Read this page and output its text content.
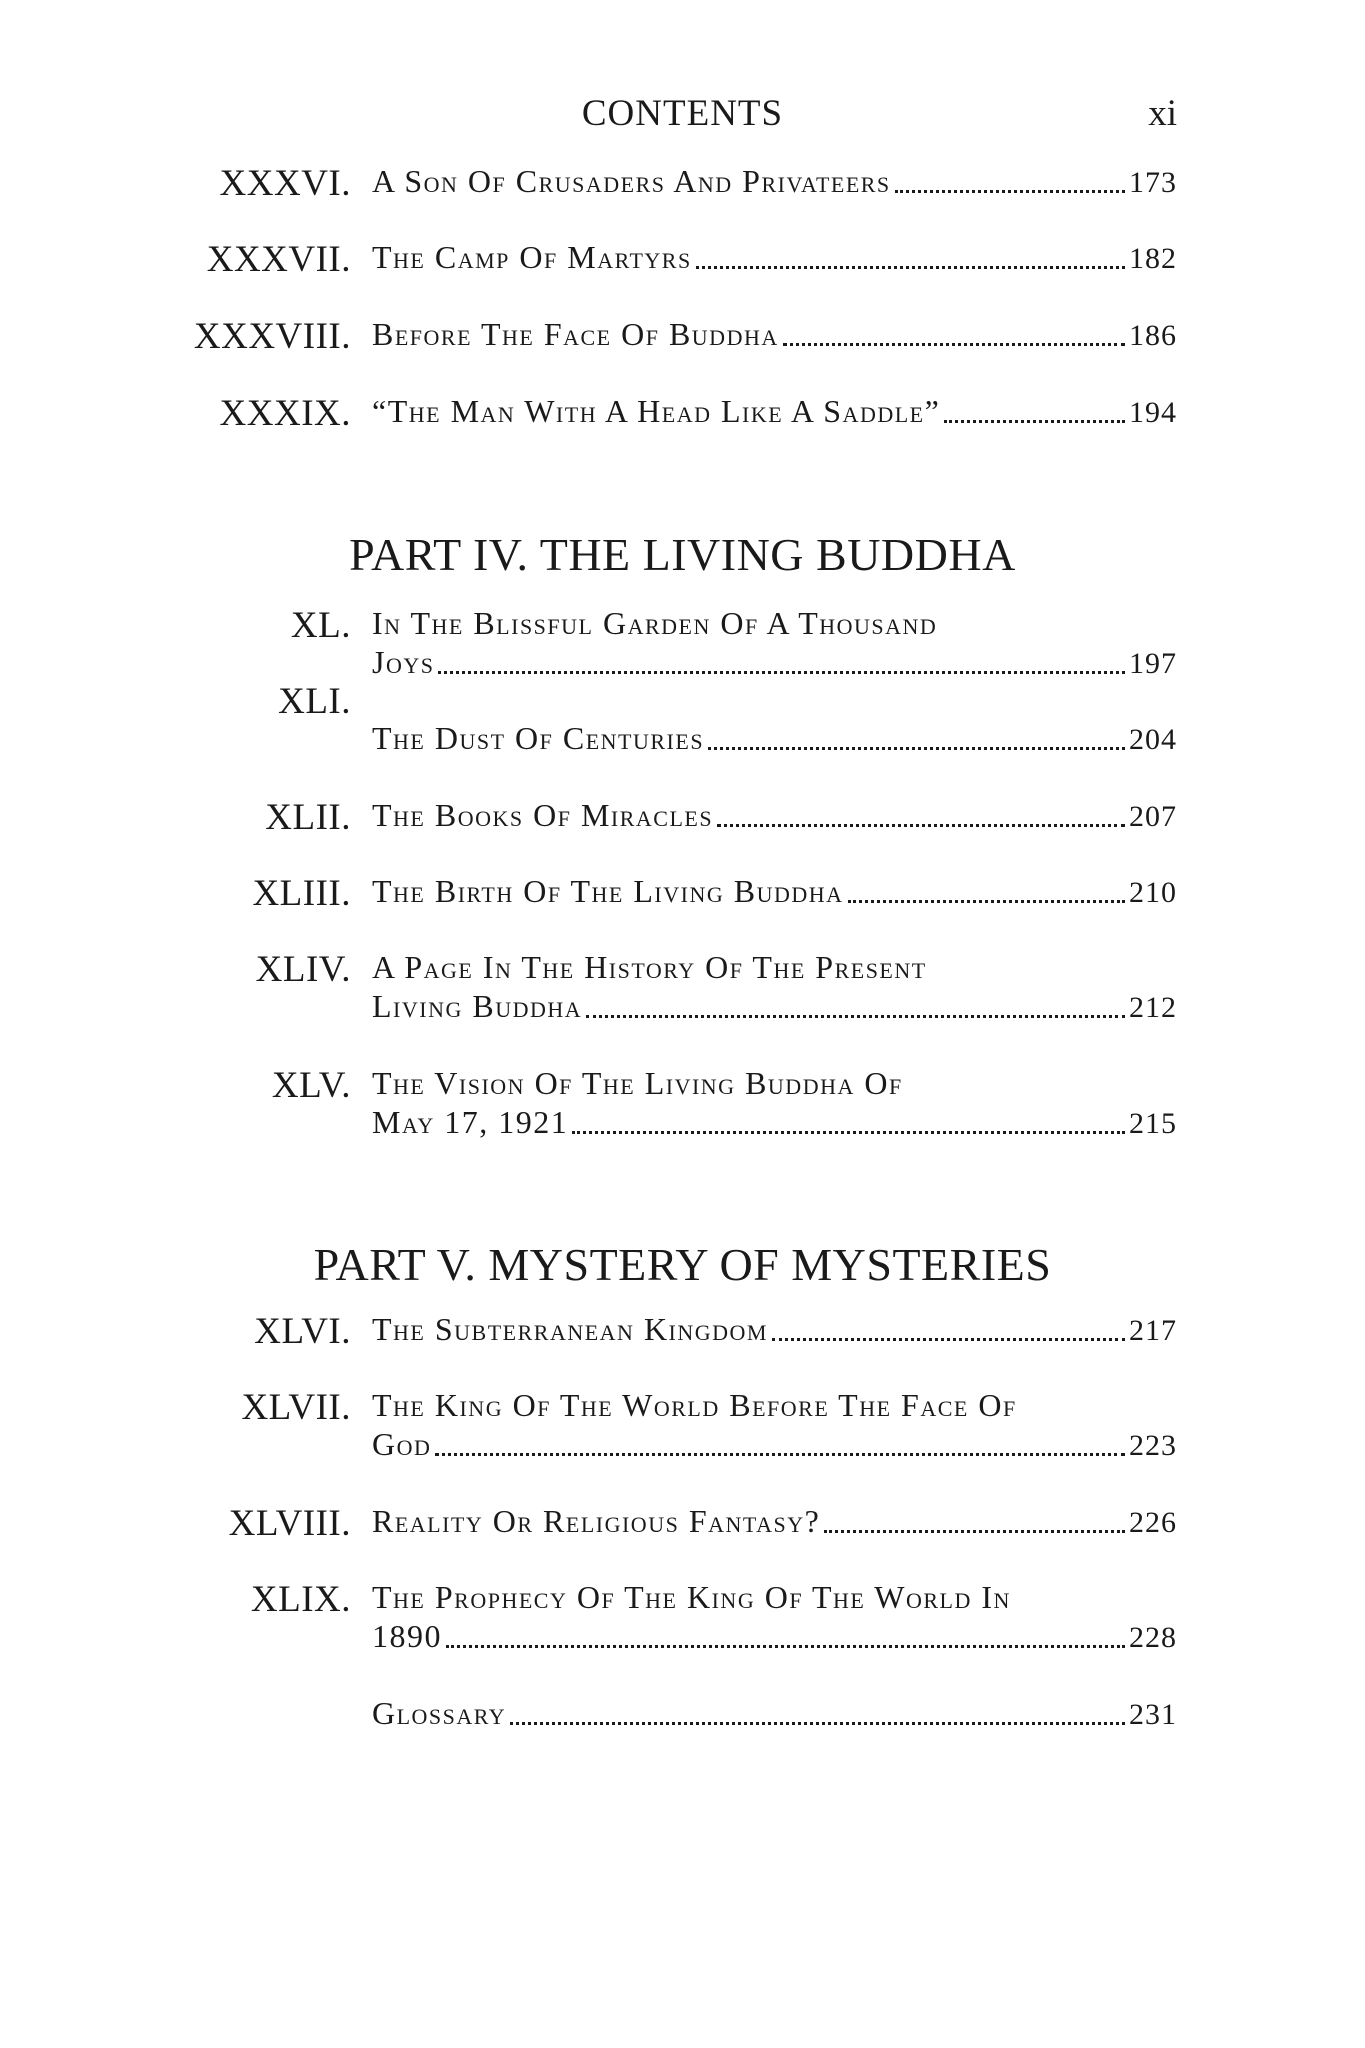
CONTENTS	xi
XXXVI. A Son Of Crusaders And Privateers	173
XXXVII. The Camp Of Martyrs	182
XXXVIII. Before The Face Of Buddha	186
XXXIX. “The Man With A Head Like A Saddle”	194
PART IV. THE LIVING BUDDHA
XL. In The Blissful Garden Of A Thousand
Joys	197
XLI.
The Dust Of Centuries	204
XLII. The Books Of Miracles	207
XLIII. The Birth Of The Living Buddha	210
XLIV. A Page In The History Of The Present
Living Buddha	212
XLV. The Vision Of The Living Buddha Of
May 17, 1921	215
PART V. MYSTERY OF MYSTERIES
XLVI. The Subterranean Kingdom	217
XLVII. The King Of The World Before The Face Of
God	223
XLVIII. Reality Or Religious Fantasy?	226
XLIX. The Prophecy Of The King Of The World In
1890	228
Glossary	231
